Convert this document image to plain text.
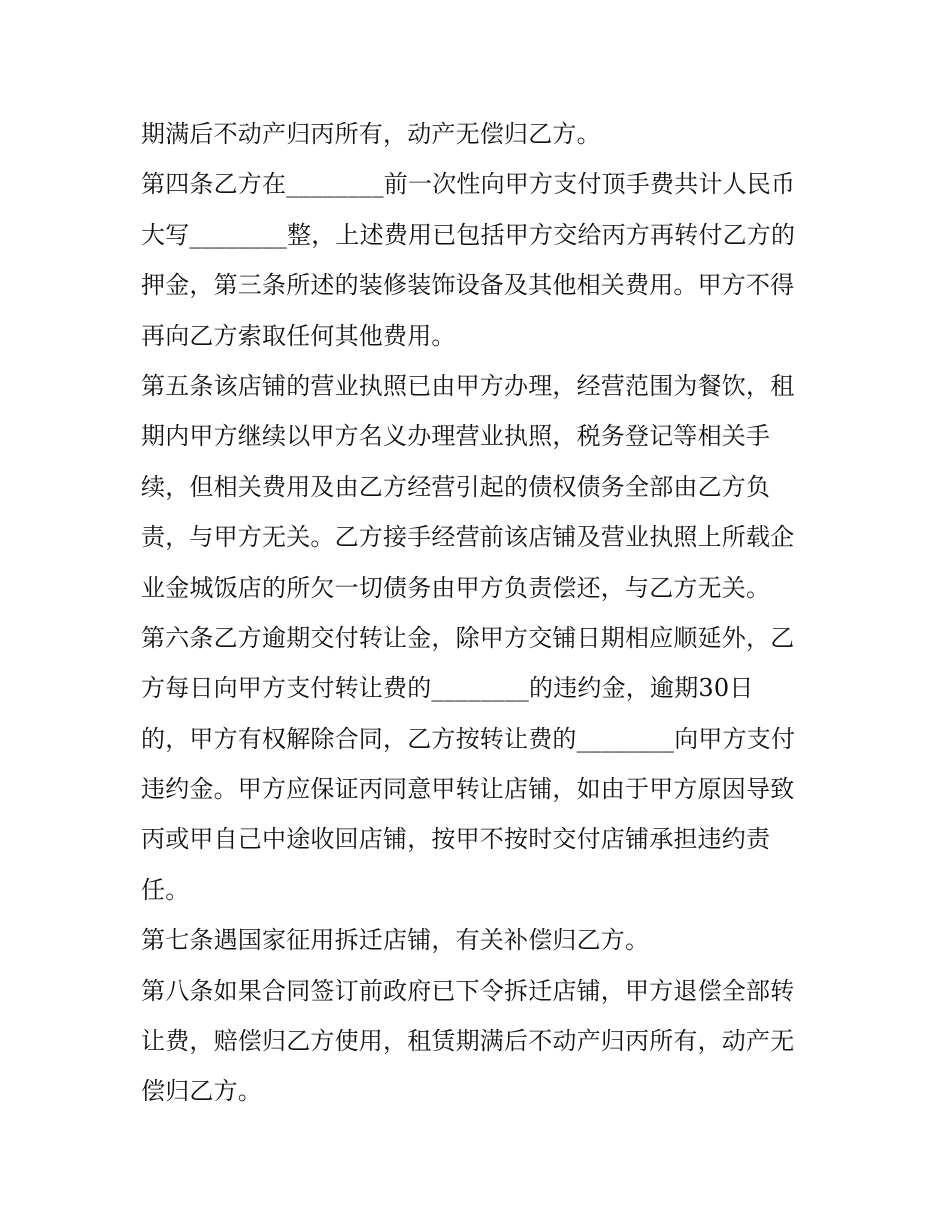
期满后不动产归丙所有，动产无偿归乙方。
第四条乙方在________前一次性向甲方支付顶手费共计人民币
大写________整，上述费用已包括甲方交给丙方再转付乙方的
押金，第三条所述的装修装饰设备及其他相关费用。甲方不得
再向乙方索取任何其他费用。
第五条该店铺的营业执照已由甲方办理，经营范围为餐饮，租
期内甲方继续以甲方名义办理营业执照，税务登记等相关手
续，但相关费用及由乙方经营引起的债权债务全部由乙方负
责，与甲方无关。乙方接手经营前该店铺及营业执照上所载企
业金城饭店的所欠一切债务由甲方负责偿还，与乙方无关。
第六条乙方逾期交付转让金，除甲方交铺日期相应顺延外，乙
方每日向甲方支付转让费的________的违约金，逾期30日
的，甲方有权解除合同，乙方按转让费的________向甲方支付
违约金。甲方应保证丙同意甲转让店铺，如由于甲方原因导致
丙或甲自己中途收回店铺，按甲不按时交付店铺承担违约责
任。
第七条遇国家征用拆迁店铺，有关补偿归乙方。
第八条如果合同签订前政府已下令拆迁店铺，甲方退偿全部转
让费，赔偿归乙方使用，租赁期满后不动产归丙所有，动产无
偿归乙方。
